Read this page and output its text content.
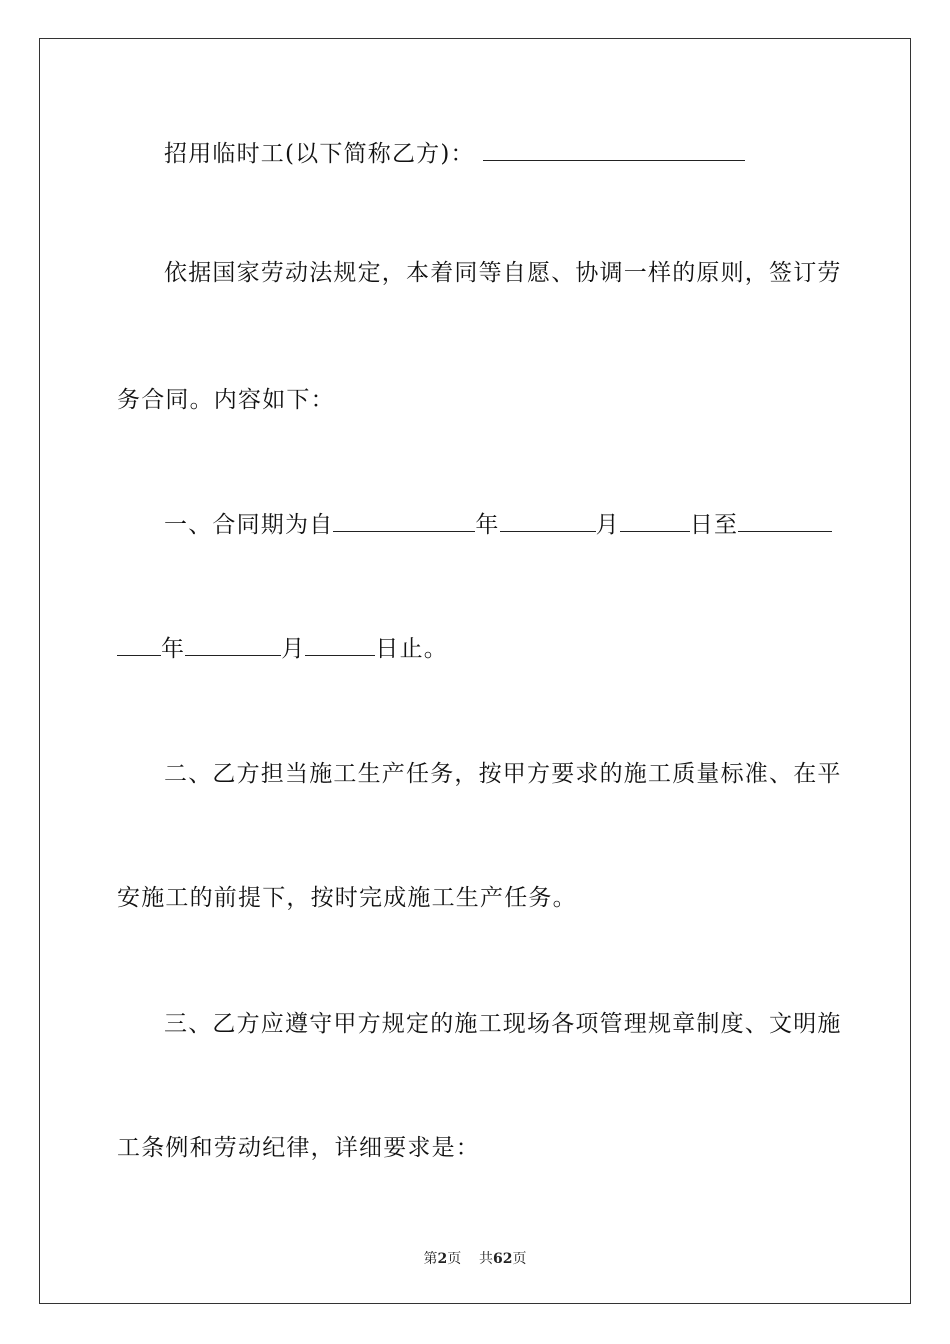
招用临时工(以下简称乙方)：
依据国家劳动法规定，本着同等自愿、协调一样的原则，签订劳
务合同。内容如下：
一、合同期为自	年	月	日至
年	月	日止。
二、乙方担当施工生产任务，按甲方要求的施工质量标准、在平
安施工的前提下，按时完成施工生产任务。
三、乙方应遵守甲方规定的施工现场各项管理规章制度、文明施
工条例和劳动纪律，详细要求是：
第2页 共62页
